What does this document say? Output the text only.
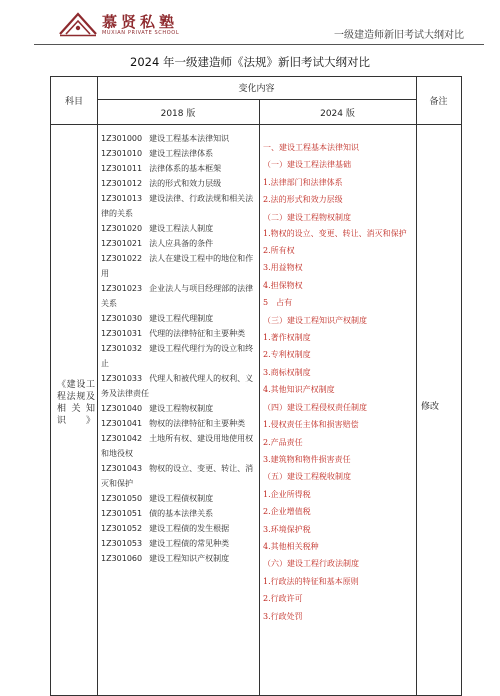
慕贤私塾
MUXIAN PRIVATE SCHOOL	一级建造师新旧考试大纲对比
2024 年一级建造师《法规》新旧考试大纲对比
科目
变化内容
2018 版	2024 版
备注
《建设工程法规及相关知识》
修改
1Z301000 建设工程基本法律知识
1Z301010 建设工程法律体系
1Z301011 法律体系的基本框架
1Z301012 法的形式和效力层级
1Z301013 建设法律、行政法规和相关法律的关系
1Z301020 建设工程法人制度
1Z301021 法人应具备的条件
1Z301022 法人在建设工程中的地位和作用
1Z301023 企业法人与项目经理部的法律关系
1Z301030 建设工程代理制度
1Z301031 代理的法律特征和主要种类
1Z301032 建设工程代理行为的设立和终止
1Z301033 代理人和被代理人的权利、义务及法律责任
1Z301040 建设工程物权制度
1Z301041 物权的法律特征和主要种类
1Z301042 土地所有权、建设用地使用权和地役权
1Z301043 物权的设立、变更、转让、消灭和保护
1Z301050 建设工程债权制度
1Z301051 债的基本法律关系
1Z301052 建设工程债的发生根据
1Z301053 建设工程债的常见种类
1Z301060 建设工程知识产权制度
一、建设工程基本法律知识
（一）建设工程法律基础
1.法律部门和法律体系
2.法的形式和效力层级
（二）建设工程物权制度
1.物权的设立、变更、转让、消灭和保护
2.所有权
3.用益物权
4.担保物权
5　占有
（三）建设工程知识产权制度
1.著作权制度
2.专利权制度
3.商标权制度
4.其他知识产权制度
（四）建设工程侵权责任制度
1.侵权责任主体和损害赔偿
2.产品责任
3.建筑物和物件损害责任
（五）建设工程税收制度
1.企业所得税
2.企业增值税
3.环境保护税
4.其他相关税种
（六）建设工程行政法制度
1.行政法的特征和基本原则
2.行政许可
3.行政处罚
